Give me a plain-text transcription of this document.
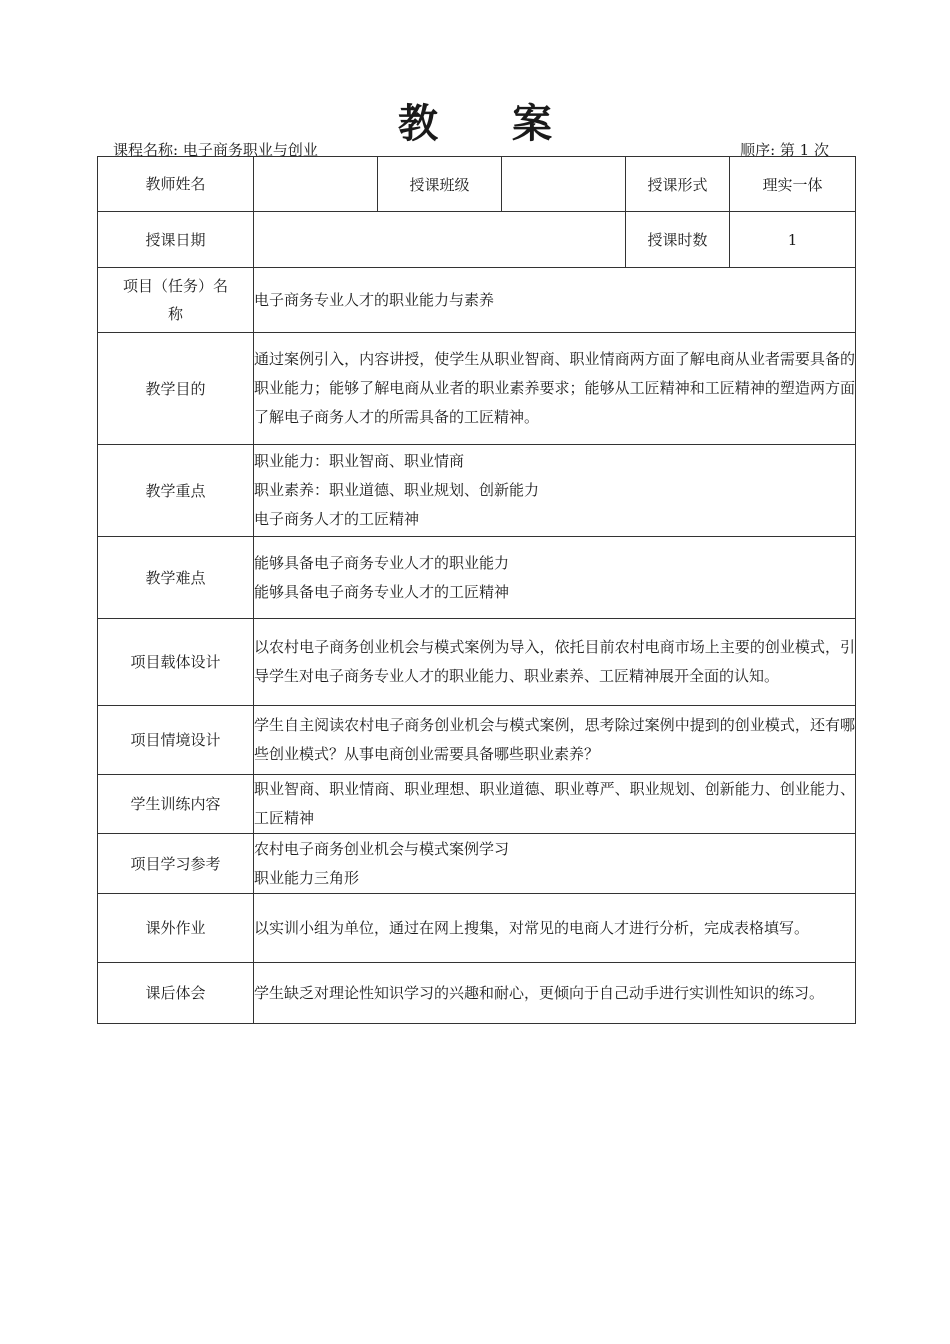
教 案
课程名称: 电子商务职业与创业	顺序: 第 1 次
教师姓名		授课班级		授课形式	理实一体
授课日期				授课时数	1

项目（任务）名
称	电子商务专业人才的职业能力与素养				

教学目的	通过案例引入，内容讲授，使学生从职业智商、职业情商两方面了解电商从业者需要具备的职业能力；能够了解电商从业者的职业素养要求；能够从工匠精神和工匠精神的塑造两方面了解电子商务人才的所需具备的工匠精神。				

教学重点	职业能力：职业智商、职业情商
职业素养：职业道德、职业规划、创新能力
电子商务人才的工匠精神				

教学难点	能够具备电子商务专业人才的职业能力
能够具备电子商务专业人才的工匠精神				

项目载体设计	以农村电子商务创业机会与模式案例为导入，依托目前农村电商市场上主要的创业模式，引导学生对电子商务专业人才的职业能力、职业素养、工匠精神展开全面的认知。				

项目情境设计	学生自主阅读农村电子商务创业机会与模式案例，思考除过案例中提到的创业模式，还有哪些创业模式？从事电商创业需要具备哪些职业素养？				

学生训练内容	职业智商、职业情商、职业理想、职业道德、职业尊严、职业规划、创新能力、创业能力、工匠精神				

项目学习参考	农村电子商务创业机会与模式案例学习
职业能力三角形				

课外作业	以实训小组为单位，通过在网上搜集，对常见的电商人才进行分析，完成表格填写。				

课后体会	学生缺乏对理论性知识学习的兴趣和耐心，更倾向于自己动手进行实训性知识的练习。				
